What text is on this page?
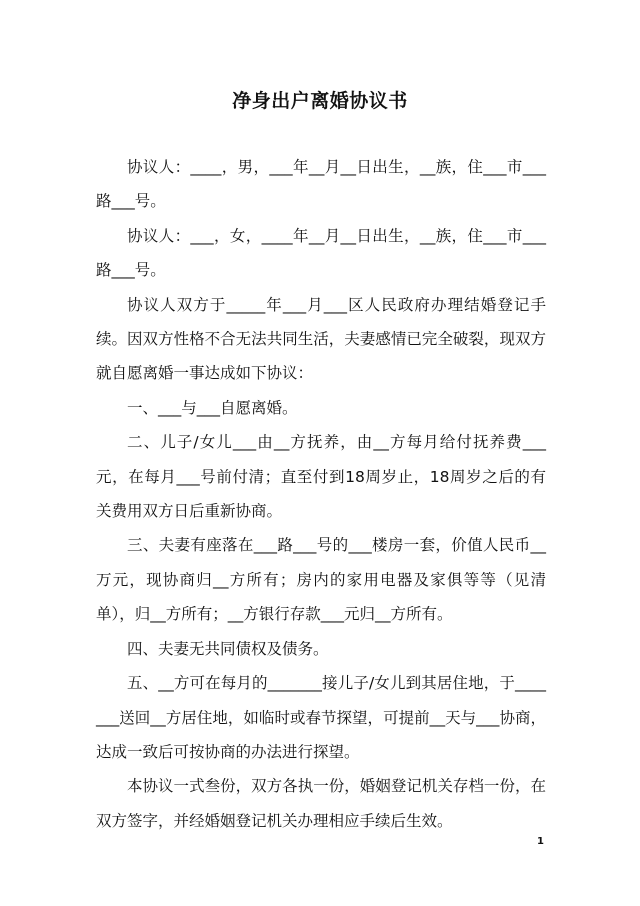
净身出户离婚协议书

协议人：____，男，___年__月__日出生，__族，住___市___路___号。

协议人：___，女，____年__月__日出生，__族，住___市___路___号。

协议人双方于_____年___月___区人民政府办理结婚登记手续。因双方性格不合无法共同生活，夫妻感情已完全破裂，现双方就自愿离婚一事达成如下协议：

一、___与___自愿离婚。

二、儿子/女儿___由__方抚养，由__方每月给付抚养费___元，在每月___号前付清；直至付到18周岁止，18周岁之后的有关费用双方日后重新协商。

三、夫妻有座落在___路___号的___楼房一套，价值人民币__万元，现协商归__方所有；房内的家用电器及家俱等等（见清单），归__方所有；__方银行存款___元归__方所有。

四、夫妻无共同债权及债务。

五、__方可在每月的_______接儿子/女儿到其居住地，于_______送回__方居住地，如临时或春节探望，可提前__天与___协商，达成一致后可按协商的办法进行探望。

本协议一式叁份，双方各执一份，婚姻登记机关存档一份，在双方签字，并经婚姻登记机关办理相应手续后生效。

1
